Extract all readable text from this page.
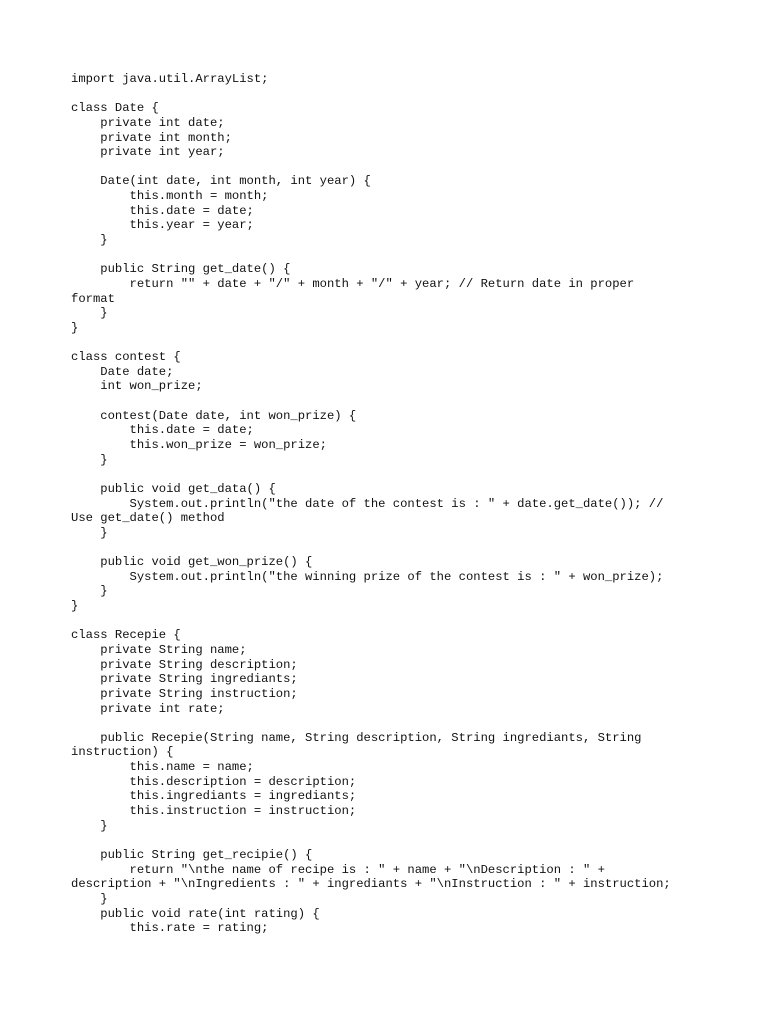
import java.util.ArrayList;
class Date {
private int date;
private int month;
private int year;
Date(int date, int month, int year) {
this.month = month;
this.date = date;
this.year = year;
}
public String get_date() {
return "" + date + "/" + month + "/" + year; // Return date in proper
format
}
}
class contest {
Date date;
int won_prize;
contest(Date date, int won_prize) {
this.date = date;
this.won_prize = won_prize;
}
public void get_data() {
System.out.println("the date of the contest is : " + date.get_date()); //
Use get_date() method
}
public void get_won_prize() {
System.out.println("the winning prize of the contest is : " + won_prize);
}
}
class Recepie {
private String name;
private String description;
private String ingrediants;
private String instruction;
private int rate;
public Recepie(String name, String description, String ingrediants, String
instruction) {
this.name = name;
this.description = description;
this.ingrediants = ingrediants;
this.instruction = instruction;
}
public String get_recipie() {
return "\nthe name of recipe is : " + name + "\nDescription : " +
description + "\nIngredients : " + ingrediants + "\nInstruction : " + instruction;
}
public void rate(int rating) {
this.rate = rating;
